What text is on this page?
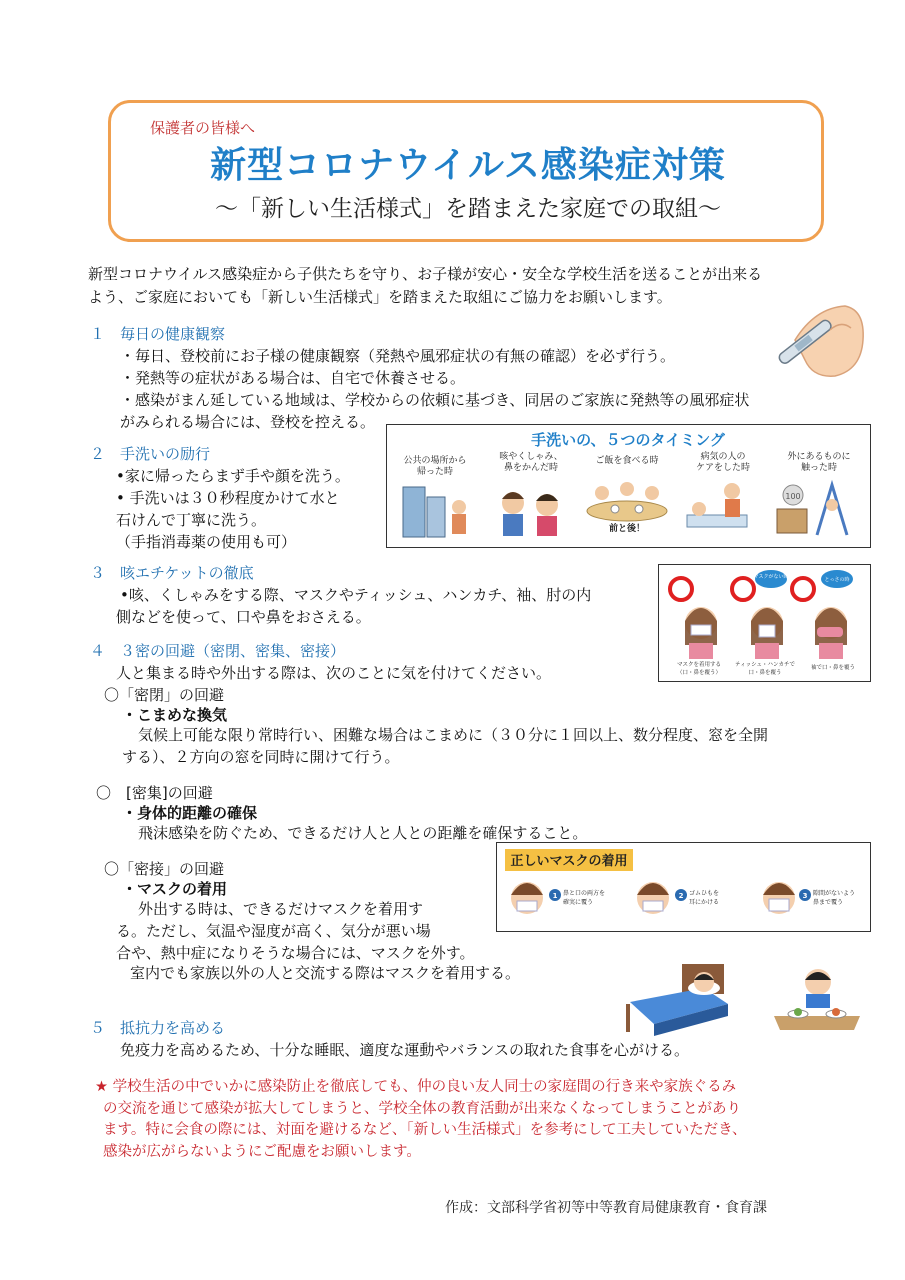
保護者の皆様へ
新型コロナウイルス感染症対策
～「新しい生活様式」を踏まえた家庭での取組～
新型コロナウイルス感染症から子供たちを守り、お子様が安心・安全な学校生活を送ることが出来る
よう、ご家庭においても「新しい生活様式」を踏まえた取組にご協力をお願いします。
１ 毎日の健康観察
・毎日、登校前にお子様の健康観察（発熱や風邪症状の有無の確認）を必ず行う。
・発熱等の症状がある場合は、自宅で休養させる。
・感染がまん延している地域は、学校からの依頼に基づき、同居のご家族に発熱等の風邪症状
がみられる場合には、登校を控える。
２ 手洗いの励行
•家に帰ったらまず手や顔を洗う。
• 手洗いは３０秒程度かけて水と
石けんで丁寧に洗う。
（手指消毒薬の使用も可）
手洗いの、５つのタイミング
公共の場所から
帰った時
咳やくしゃみ、
鼻をかんだ時
ご飯を食べる時	病気の人の
ケアをした時
外にあるものに
触った時
前と後！
100
３ 咳エチケットの徹底
•咳、くしゃみをする際、マスクやティッシュ、ハンカチ、袖、肘の内
側などを使って、口や鼻をおさえる。
マスクがない時	とっさの時
マスクを着用する
（口・鼻を覆う）
ティッシュ・ハンカチで
口・鼻を覆う
袖で口・鼻を覆う
４ ３密の回避（密閉、密集、密接）
人と集まる時や外出する際は、次のことに気を付けてください。
〇「密閉」の回避
・こまめな換気
気候上可能な限り常時行い、困難な場合はこまめに（３０分に１回以上、数分程度、窓を全開
する）、２方向の窓を同時に開けて行う。
〇　[密集]の回避
・身体的距離の確保
飛沫感染を防ぐため、できるだけ人と人との距離を確保すること。
〇「密接」の回避
・マスクの着用
外出する時は、できるだけマスクを着用す
る。ただし、気温や湿度が高く、気分が悪い場
合や、熱中症になりそうな場合には、マスクを外す。
室内でも家族以外の人と交流する際はマスクを着用する。
正しいマスクの着用
1 鼻と口の両方を
確実に覆う
2 ゴムひもを
耳にかける
3 隙間がないよう
鼻まで覆う
５ 抵抗力を高める
免疫力を高めるため、十分な睡眠、適度な運動やバランスの取れた食事を心がける。
★ 学校生活の中でいかに感染防止を徹底しても、仲の良い友人同士の家庭間の行き来や家族ぐるみ
の交流を通じて感染が拡大してしまうと、学校全体の教育活動が出来なくなってしまうことがあり
ます。特に会食の際には、対面を避けるなど、「新しい生活様式」を参考にして工夫していただき、
感染が広がらないようにご配慮をお願いします。
作成：文部科学省初等中等教育局健康教育・食育課
